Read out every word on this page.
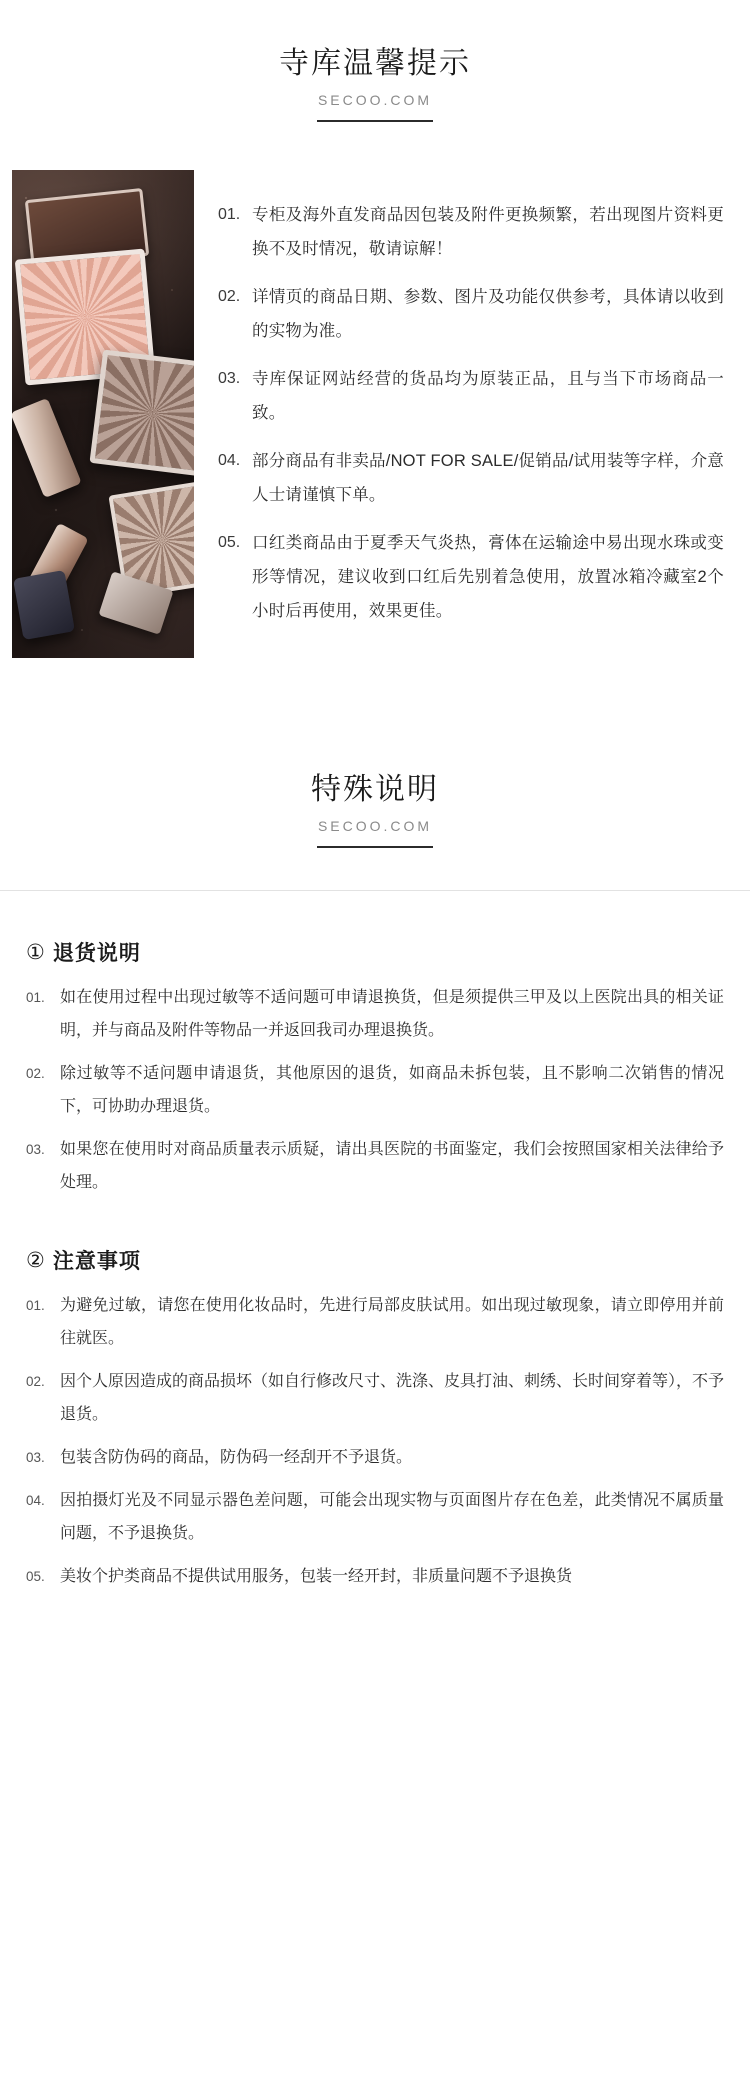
寺库温馨提示
SECOO.COM
01. 专柜及海外直发商品因包装及附件更换频繁，若出现图片资料更换不及时情况，敬请谅解！
02. 详情页的商品日期、参数、图片及功能仅供参考，具体请以收到的实物为准。
03. 寺库保证网站经营的货品均为原装正品，且与当下市场商品一致。
04. 部分商品有非卖品/NOT FOR SALE/促销品/试用装等字样，介意人士请谨慎下单。
05. 口红类商品由于夏季天气炎热，膏体在运输途中易出现水珠或变形等情况，建议收到口红后先别着急使用，放置冰箱冷藏室2个小时后再使用，效果更佳。
特殊说明
SECOO.COM
① 退货说明
01. 如在使用过程中出现过敏等不适问题可申请退换货，但是须提供三甲及以上医院出具的相关证明，并与商品及附件等物品一并返回我司办理退换货。
02. 除过敏等不适问题申请退货，其他原因的退货，如商品未拆包装，且不影响二次销售的情况下，可协助办理退货。
03. 如果您在使用时对商品质量表示质疑，请出具医院的书面鉴定，我们会按照国家相关法律给予处理。
② 注意事项
01. 为避免过敏，请您在使用化妆品时，先进行局部皮肤试用。如出现过敏现象，请立即停用并前往就医。
02. 因个人原因造成的商品损坏（如自行修改尺寸、洗涤、皮具打油、刺绣、长时间穿着等），不予退货。
03. 包装含防伪码的商品，防伪码一经刮开不予退货。
04. 因拍摄灯光及不同显示器色差问题，可能会出现实物与页面图片存在色差，此类情况不属质量问题，不予退换货。
05. 美妆个护类商品不提供试用服务，包装一经开封，非质量问题不予退换货
